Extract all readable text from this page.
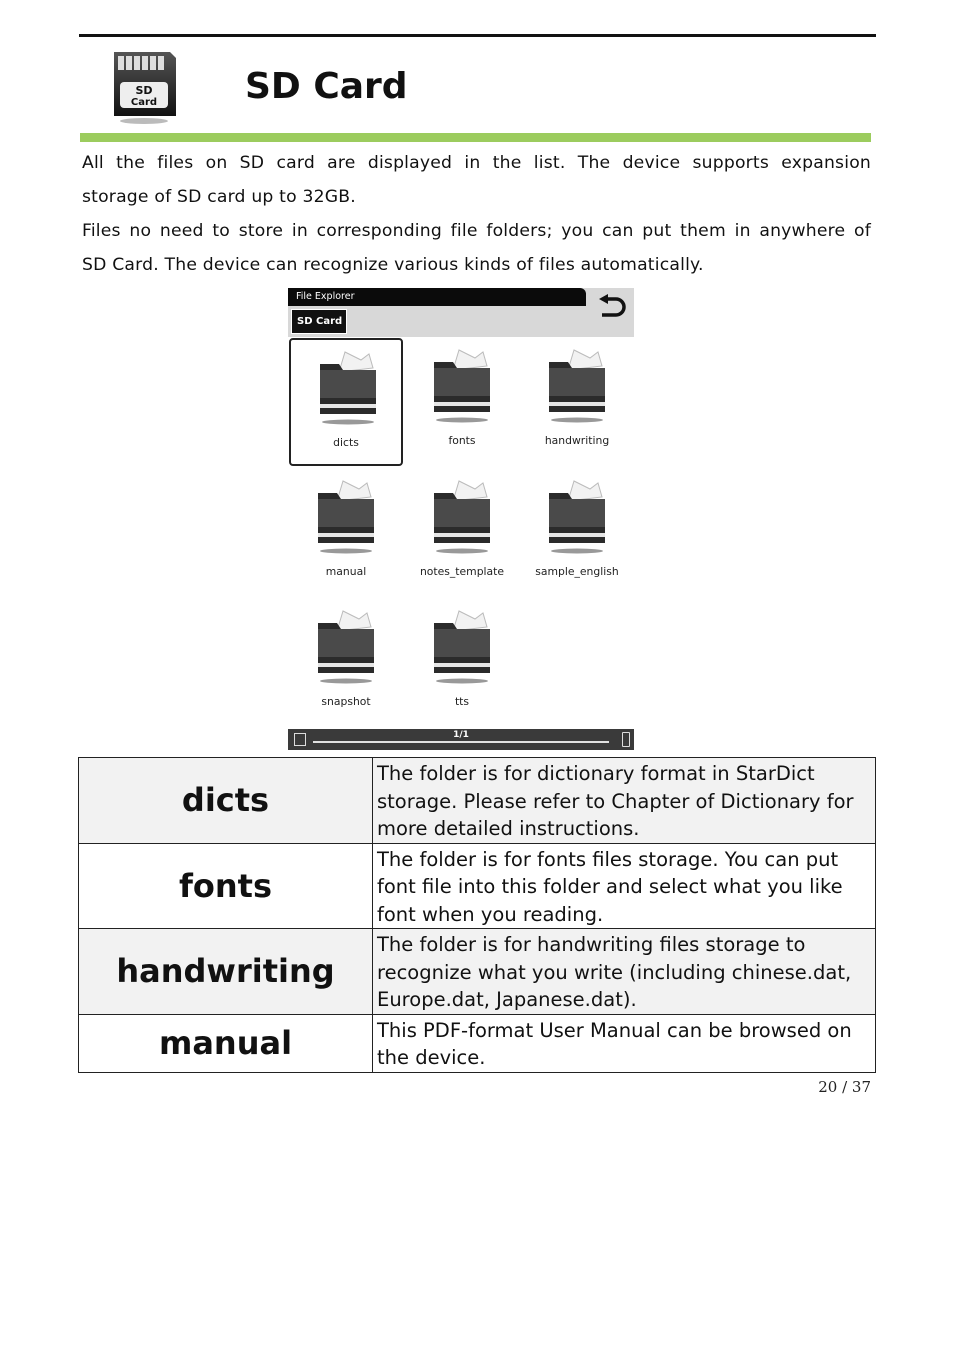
SD
Card SD Card

All the files on SD card are displayed in the list. The device supports expansion
storage of SD card up to 32GB.

Files no need to store in corresponding file folders; you can put them in anywhere of
SD Card. The device can recognize various kinds of files automatically.

File Explorer
SD Card
dicts	fonts	handwriting
manual	notes_template	sample_english
snapshot	tts
1/1
dicts	The folder is for dictionary format in StarDict storage. Please refer to Chapter of Dictionary for more detailed instructions.
fonts	The folder is for fonts files storage. You can put font file into this folder and select what you like font when you reading.
handwriting	The folder is for handwriting files storage to recognize what you write (including chinese.dat, Europe.dat, Japanese.dat).
manual	This PDF-format User Manual can be browsed on the device.
20 / 37
